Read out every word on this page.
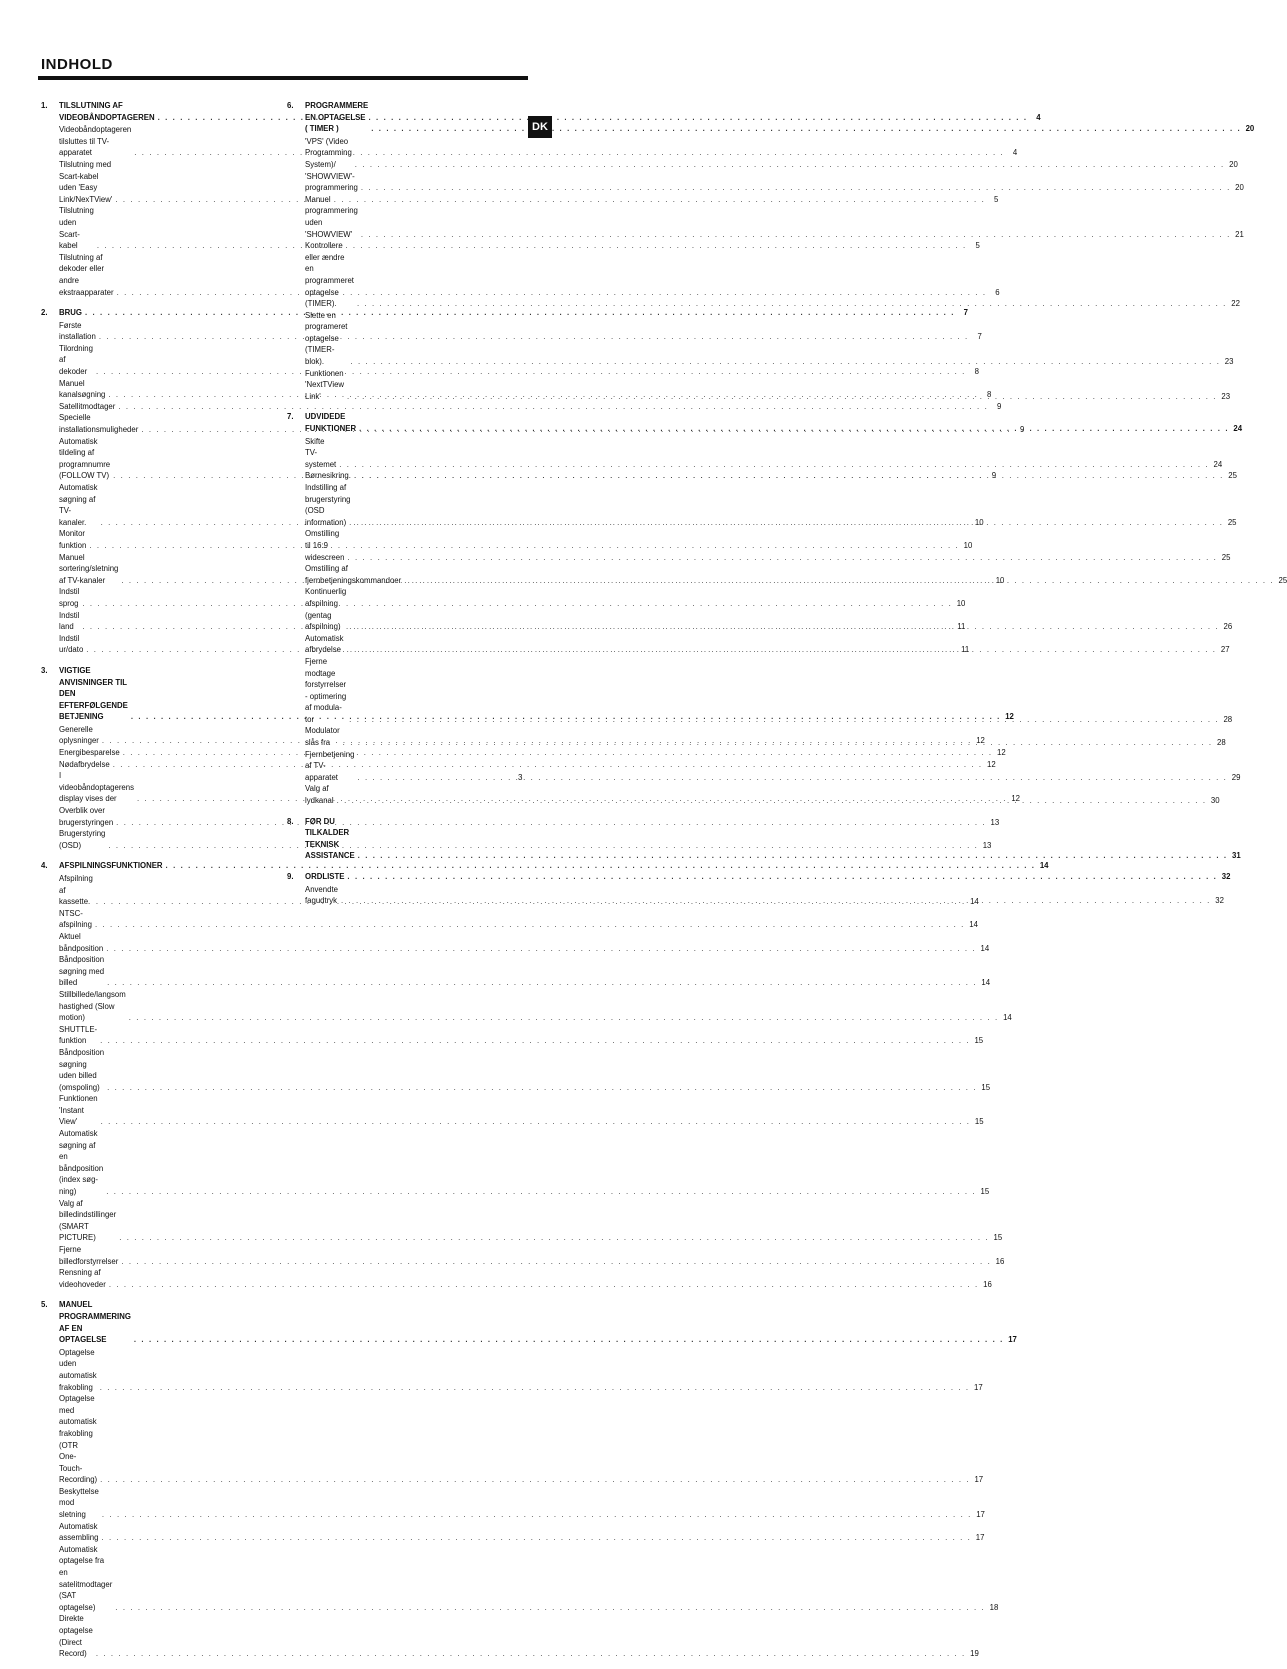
INDHOLD
1. TILSLUTNING AF VIDEOBÅNDOPTAGEREN . . .	4
Videobåndoptageren tilsluttes til TV-apparatet . . .	4
Tilslutning med Scart-kabel uden 'Easy Link/NexTView' . . .	5
Tilslutning uden Scart-kabel . . .	5
Tilslutning af dekoder eller andre ekstraapparater . . .	6
2. BRUG . . .	7
Første installation . . .	7
Tilordning af dekoder . . .	8
Manuel kanalsøgning . . .	8
Satellitmodtager . . .	9
Specielle installationsmuligheder . . .	9
Automatisk tildeling af programnumre (FOLLOW TV) . . .	9
Automatisk søgning af TV-kanaler. . . .	10
Monitor funktion . . .	10
Manuel sortering/sletning af TV-kanaler . . .	10
Indstil sprog . . .	10
Indstil land . . .	11
Indstil ur/dato . . .	11
3. VIGTIGE ANVISNINGER TIL DEN EFTERFØLGENDE BETJENING . . .	12
Generelle oplysninger . . .	12
Energibesparelse . . .	12
Nødafbrydelse . . .	12
I videobåndoptagerens display vises der . . .	12
Overblik over brugerstyringen . . .	13
Brugerstyring (OSD) . . .	13
4. AFSPILNINGSFUNKTIONER . . .	14
Afspilning af kassette. . . .	14
NTSC-afspilning . . .	14
Aktuel båndposition . . .	14
Båndposition søgning med billed . . .	14
Stillbillede/langsom hastighed (Slow motion) . . .	14
SHUTTLE-funktion . . .	15
Båndposition søgning uden billed (omspoling) . . .	15
Funktionen 'Instant View' . . .	15
Automatisk søgning af en båndposition (index søg- ning) . . .	15
Valg af billedindstillinger (SMART PICTURE) . . .	15
Fjerne billedforstyrrelser . . .	16
Rensning af videohoveder . . .	16
5. MANUEL PROGRAMMERING AF EN OPTAGELSE . . .	17
Optagelse uden automatisk frakobling . . .	17
Optagelse med automatisk frakobling (OTR One- Touch-Recording) . . .	17
Beskyttelse mod sletning . . .	17
Automatisk assembling . . .	17
Automatisk optagelse fra en satelitmodtager (SAT optagelse) . . .	18
Direkte optagelse (Direct Record) . . .	19
6. PROGRAMMERE EN OPTAGELSE ( TIMER ) . . .	20
'VPS' (Video Programming System)/ . . .	20
'SHOWVIEW'-programmering . . .	20
Manuel programmering uden 'SHOWVIEW' . . .	21
Kontrollere eller ændre en programmeret optagelse (TIMER). . . .	22
Slette en programeret optagelse (TIMER-blok). . . .	23
Funktionen 'NextTView Link' . . .	23
7. UDVIDEDE FUNKTIONER . . .	24
Skifte TV-systemet . . .	24
Børnesikring. . . .	25
Indstilling af brugerstyring (OSD information) . . .	25
Omstilling til 16:9 widescreen . . .	25
Omstilling af fjernbetjeningskommandoer . . .	25
Kontinuerlig afspilning (gentag afspilning) . . .	26
Automatisk afbrydelse . . .	27
Fjerne modtage forstyrrelser - optimering af modula- tor . . .	28
Modulator slås fra . . .	28
Fjernbetjening af TV-apparatet . . .	29
Valg af lydkanal . . .	30
8. FØR DU TILKALDER TEKNISK ASSISTANCE . . .	31
9. ORDLISTE . . .	32
Anvendte fagudtryk . . .	32
DK
3
